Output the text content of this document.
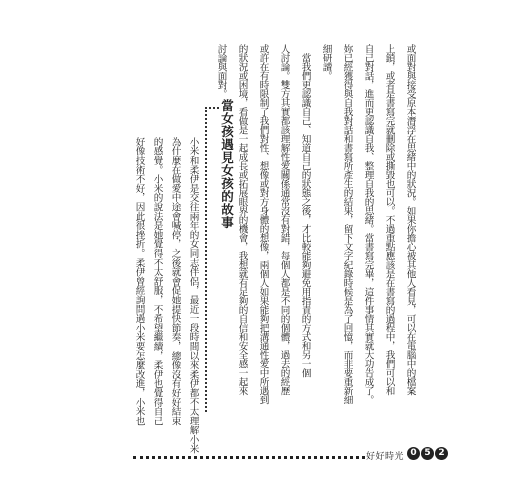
或面對與接受原本潛浮在思緒中的狀況。如果你擔心被其他人看見，可以在電腦中的檔案
上鎖，或者是書寫完就刪除或撕毀也可以。不過重點應該是在書寫的過程中，我們可以和
自己對話，進而更認識自我、整理自我的思緒。當書寫完畢，這件事情其實就大功告成了。
妳已經獲得與自我對話和書寫所產生的結果，留下文字紀錄時候是為了回憶，而非要重新細
細研讀。
　當我們更認識自己、知道自己的狀態之後，才比較能夠避免用指責的方式和另一個
人討論。雙方其實都該理解性愛關係通常沒有對錯，每個人都是不同的個體，過去的經歷
或許在有時限制了我們對性、想像或對方身體的想像，兩個人如果能夠把溝通性愛中所遇到
的狀況或困境，看做是一起成長或拓展眼界的機會，我想就有足夠的自信和安全感一起來
討論與面對。
當女孩遇見女孩的故事
小米和柔伊是交往兩年的女同志伴侶，最近一段時間以來柔伊都不太理解小米
為什麼在做愛中途會喊停，之後就會促她提快節奏，總像沒有好好結束
的感覺。小米的說法是她覺得不太舒服，不希望繼續，柔伊也覺得自己
好像技術不好，因此很挫折。柔伊曾經詢問過小米要怎麼改進，小米也
好好時光 0 5 2
